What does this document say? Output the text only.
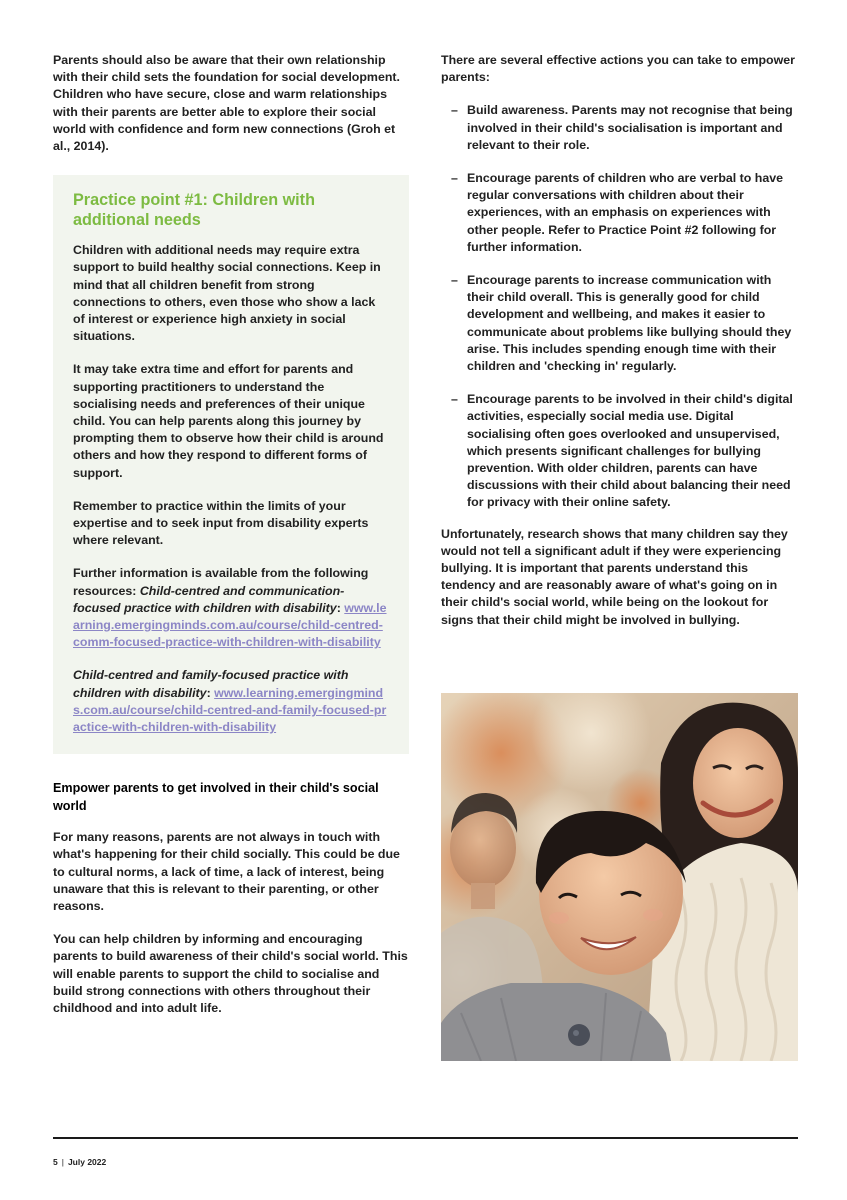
Parents should also be aware that their own relationship with their child sets the foundation for social development. Children who have secure, close and warm relationships with their parents are better able to explore their social world with confidence and form new connections (Groh et al., 2014).

Practice point #1: Children with additional needs

Children with additional needs may require extra support to build healthy social connections. Keep in mind that all children benefit from strong connections to others, even those who show a lack of interest or experience high anxiety in social situations.

It may take extra time and effort for parents and supporting practitioners to understand the socialising needs and preferences of their unique child. You can help parents along this journey by prompting them to observe how their child is around others and how they respond to different forms of support.

Remember to practice within the limits of your expertise and to seek input from disability experts where relevant.

Further information is available from the following resources: Child-centred and communication-focused practice with children with disability: www.learning.emergingminds.com.au/course/child-centred-comm-focused-practice-with-children-with-disability

Child-centred and family-focused practice with children with disability: www.learning.emergingminds.com.au/course/child-centred-and-family-focused-practice-with-children-with-disability

Empower parents to get involved in their child's social world

For many reasons, parents are not always in touch with what's happening for their child socially. This could be due to cultural norms, a lack of time, a lack of interest, being unaware that this is relevant to their parenting, or other reasons.

You can help children by informing and encouraging parents to build awareness of their child's social world. This will enable parents to support the child to socialise and build strong connections with others throughout their childhood and into adult life.

There are several effective actions you can take to empower parents:

– Build awareness. Parents may not recognise that being involved in their child's socialisation is important and relevant to their role.
– Encourage parents of children who are verbal to have regular conversations with children about their experiences, with an emphasis on experiences with other people. Refer to Practice Point #2 following for further information.
– Encourage parents to increase communication with their child overall. This is generally good for child development and wellbeing, and makes it easier to communicate about problems like bullying should they arise. This includes spending enough time with their children and 'checking in' regularly.
– Encourage parents to be involved in their child's digital activities, especially social media use. Digital socialising often goes overlooked and unsupervised, which presents significant challenges for bullying prevention. With older children, parents can have discussions with their child about balancing their need for privacy with their online safety.

Unfortunately, research shows that many children say they would not tell a significant adult if they were experiencing bullying. It is important that parents understand this tendency and are reasonably aware of what's going on in their child's social world, while being on the lookout for signs that their child might be involved in bullying.

5 | July 2022
